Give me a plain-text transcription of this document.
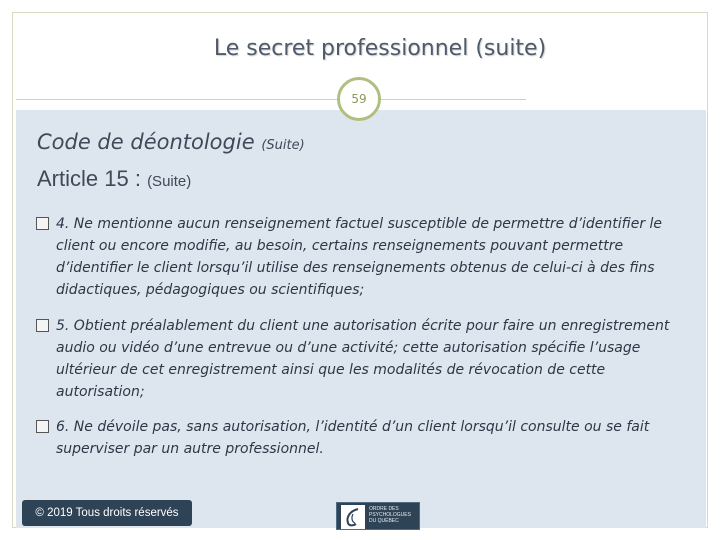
Le secret professionnel (suite)
59
Code de déontologie (Suite)
Article 15 : (Suite)
4. Ne mentionne aucun renseignement factuel susceptible de permettre d’identifier le client ou encore modifie, au besoin, certains renseignements pouvant permettre d’identifier le client lorsqu’il utilise des renseignements obtenus de celui-ci à des fins didactiques, pédagogiques ou scientifiques;
5. Obtient préalablement du client une autorisation écrite pour faire un enregistrement audio ou vidéo d’une entrevue ou d’une activité; cette autorisation spécifie l’usage ultérieur de cet enregistrement ainsi que les modalités de révocation de cette autorisation;
6. Ne dévoile pas, sans autorisation, l’identité d’un client lorsqu’il consulte ou se fait superviser par un autre professionnel.
© 2019 Tous droits réservés	ORDRE DES PSYCHOLOGUES DU QUÉBEC
